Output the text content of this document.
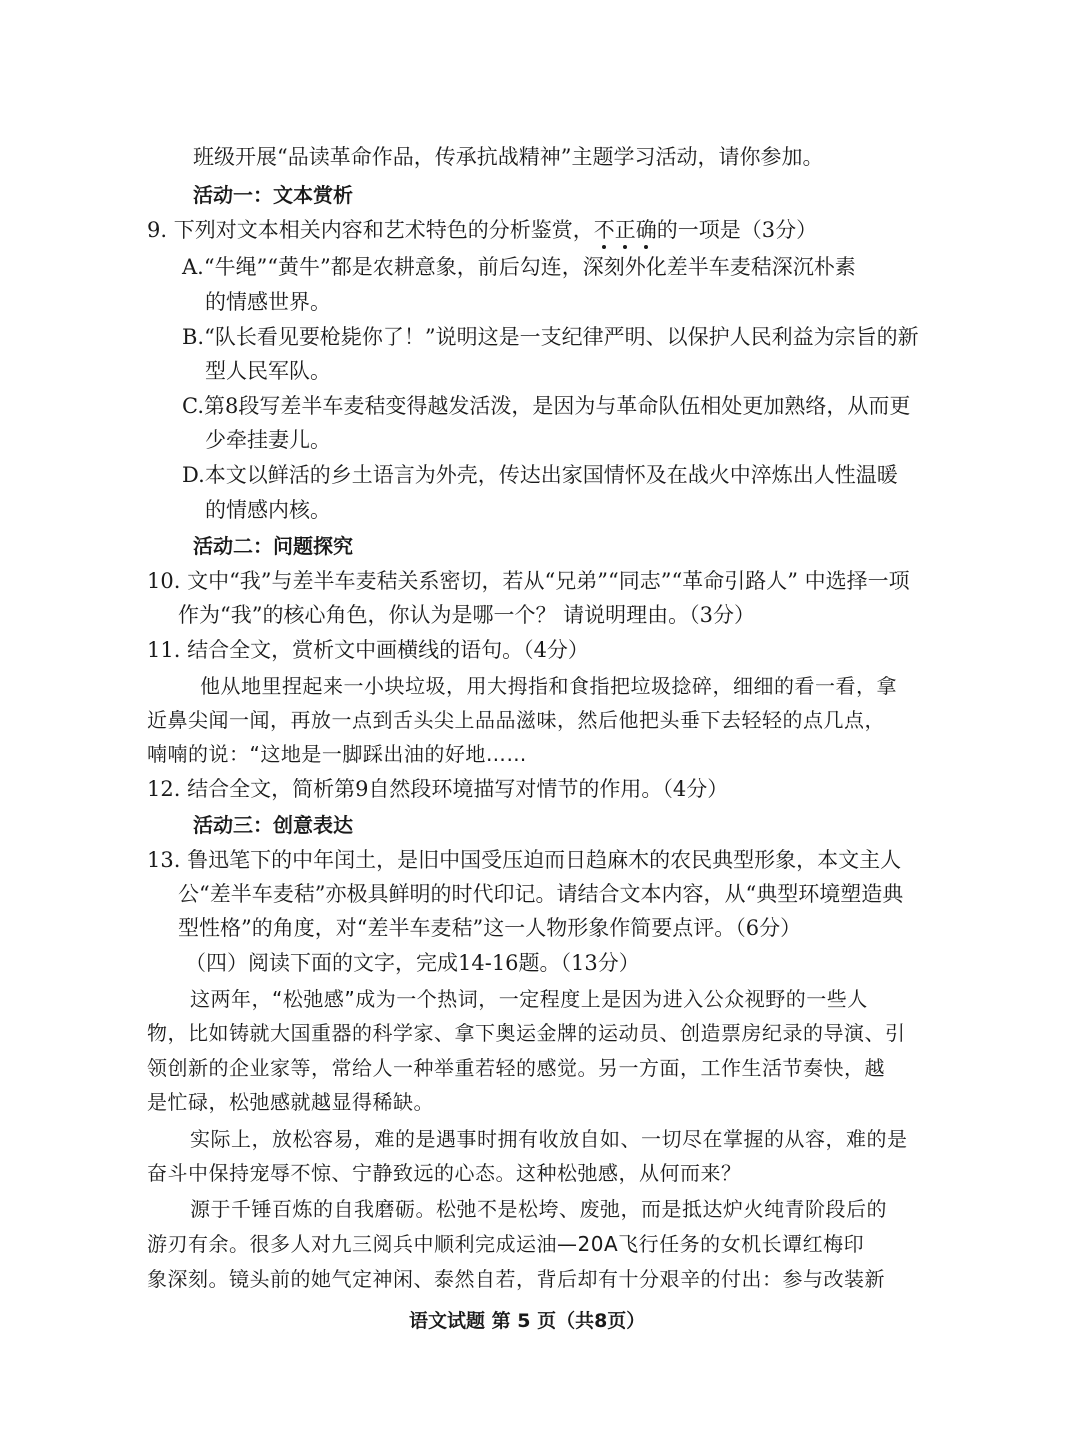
班级开展“品读革命作品，传承抗战精神”主题学习活动，请你参加。
活动一：文本赏析
9. 下列对文本相关内容和艺术特色的分析鉴赏，不正确的一项是（3分）
A.“牛绳”“黄牛”都是农耕意象，前后勾连，深刻外化差半车麦秸深沉朴素
的情感世界。
B.“队长看见要枪毙你了！”说明这是一支纪律严明、以保护人民利益为宗旨的新
型人民军队。
C.第8段写差半车麦秸变得越发活泼，是因为与革命队伍相处更加熟络，从而更
少牵挂妻儿。
D.本文以鲜活的乡土语言为外壳，传达出家国情怀及在战火中淬炼出人性温暖
的情感内核。
活动二：问题探究
10. 文中“我”与差半车麦秸关系密切，若从“兄弟”“同志”“革命引路人” 中选择一项
作为“我”的核心角色，你认为是哪一个？ 请说明理由。（3分）
11. 结合全文，赏析文中画横线的语句。（4分）
他从地里捏起来一小块垃圾，用大拇指和食指把垃圾捻碎，细细的看一看，拿
近鼻尖闻一闻，再放一点到舌头尖上品品滋味，然后他把头垂下去轻轻的点几点，
喃喃的说：“这地是一脚踩出油的好地……
12. 结合全文，简析第9自然段环境描写对情节的作用。（4分）
活动三：创意表达
13. 鲁迅笔下的中年闰土，是旧中国受压迫而日趋麻木的农民典型形象，本文主人
公“差半车麦秸”亦极具鲜明的时代印记。请结合文本内容，从“典型环境塑造典
型性格”的角度，对“差半车麦秸”这一人物形象作简要点评。（6分）
（四）阅读下面的文字，完成14-16题。（13分）
这两年，“松弛感”成为一个热词，一定程度上是因为进入公众视野的一些人
物，比如铸就大国重器的科学家、拿下奥运金牌的运动员、创造票房纪录的导演、引
领创新的企业家等，常给人一种举重若轻的感觉。另一方面，工作生活节奏快，越
是忙碌，松弛感就越显得稀缺。
实际上，放松容易，难的是遇事时拥有收放自如、一切尽在掌握的从容，难的是
奋斗中保持宠辱不惊、宁静致远的心态。这种松弛感，从何而来？
源于千锤百炼的自我磨砺。松弛不是松垮、废弛，而是抵达炉火纯青阶段后的
游刃有余。很多人对九三阅兵中顺利完成运油—20A飞行任务的女机长谭红梅印
象深刻。镜头前的她气定神闲、泰然自若，背后却有十分艰辛的付出：参与改装新
语文试题 第 5 页（共8页）
